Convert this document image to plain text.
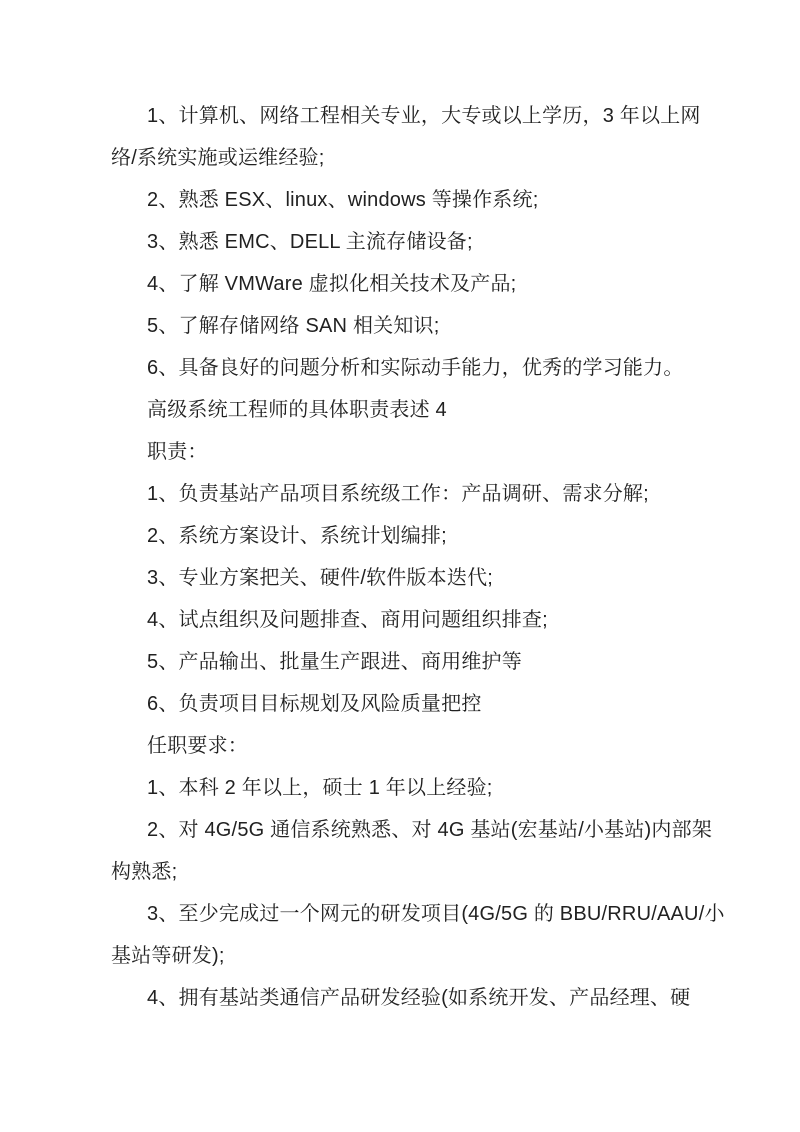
1、计算机、网络工程相关专业，大专或以上学历，3 年以上网
络/系统实施或运维经验;
2、熟悉 ESX、linux、windows 等操作系统;
3、熟悉 EMC、DELL 主流存储设备;
4、了解 VMWare 虚拟化相关技术及产品;
5、了解存储网络 SAN 相关知识;
6、具备良好的问题分析和实际动手能力，优秀的学习能力。
高级系统工程师的具体职责表述 4
职责：
1、负责基站产品项目系统级工作：产品调研、需求分解;
2、系统方案设计、系统计划编排;
3、专业方案把关、硬件/软件版本迭代;
4、试点组织及问题排查、商用问题组织排查;
5、产品输出、批量生产跟进、商用维护等
6、负责项目目标规划及风险质量把控
任职要求：
1、本科 2 年以上，硕士 1 年以上经验;
2、对 4G/5G 通信系统熟悉、对 4G 基站(宏基站/小基站)内部架
构熟悉;
3、至少完成过一个网元的研发项目(4G/5G 的 BBU/RRU/AAU/小
基站等研发);
4、拥有基站类通信产品研发经验(如系统开发、产品经理、硬
